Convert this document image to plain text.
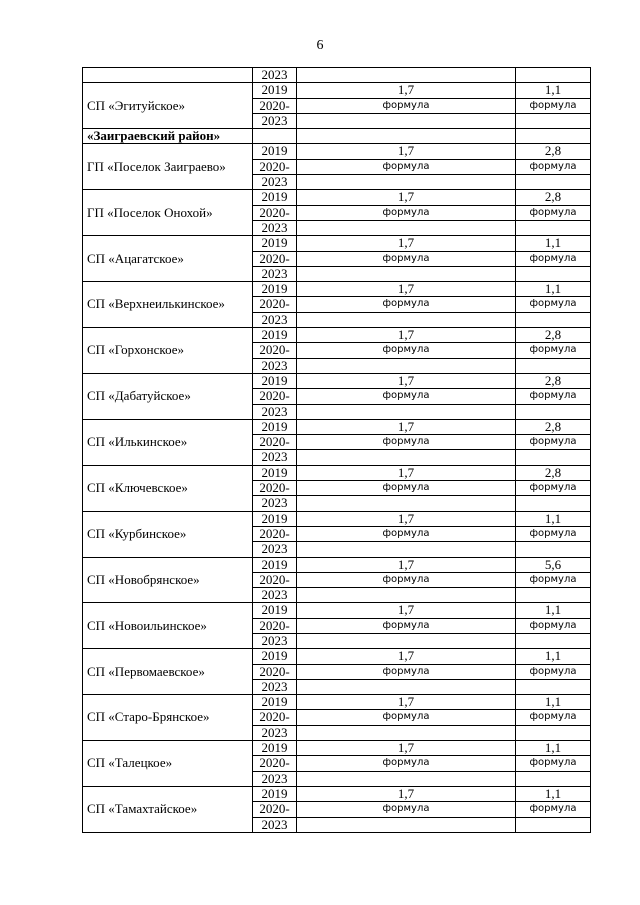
6
	2023		
СП «Эгитуйское»	2019	1,7	1,1
	2020-	формула	формула
	2023		
«Заиграевский район»			
ГП «Поселок Заиграево»	2019	1,7	2,8
	2020-	формула	формула
	2023		
ГП «Поселок Онохой»	2019	1,7	2,8
	2020-	формула	формула
	2023		
СП «Ацагатское»	2019	1,7	1,1
	2020-	формула	формула
	2023		
СП «Верхнеилькинское»	2019	1,7	1,1
	2020-	формула	формула
	2023		
СП «Горхонское»	2019	1,7	2,8
	2020-	формула	формула
	2023		
СП «Дабатуйское»	2019	1,7	2,8
	2020-	формула	формула
	2023		
СП «Илькинское»	2019	1,7	2,8
	2020-	формула	формула
	2023		
СП «Ключевское»	2019	1,7	2,8
	2020-	формула	формула
	2023		
СП «Курбинское»	2019	1,7	1,1
	2020-	формула	формула
	2023		
СП «Новобрянское»	2019	1,7	5,6
	2020-	формула	формула
	2023		
СП «Новоильинское»	2019	1,7	1,1
	2020-	формула	формула
	2023		
СП «Первомаевское»	2019	1,7	1,1
	2020-	формула	формула
	2023		
СП «Старо-Брянское»	2019	1,7	1,1
	2020-	формула	формула
	2023		
СП «Талецкое»	2019	1,7	1,1
	2020-	формула	формула
	2023		
СП «Тамахтайское»	2019	1,7	1,1
	2020-	формула	формула
	2023		
